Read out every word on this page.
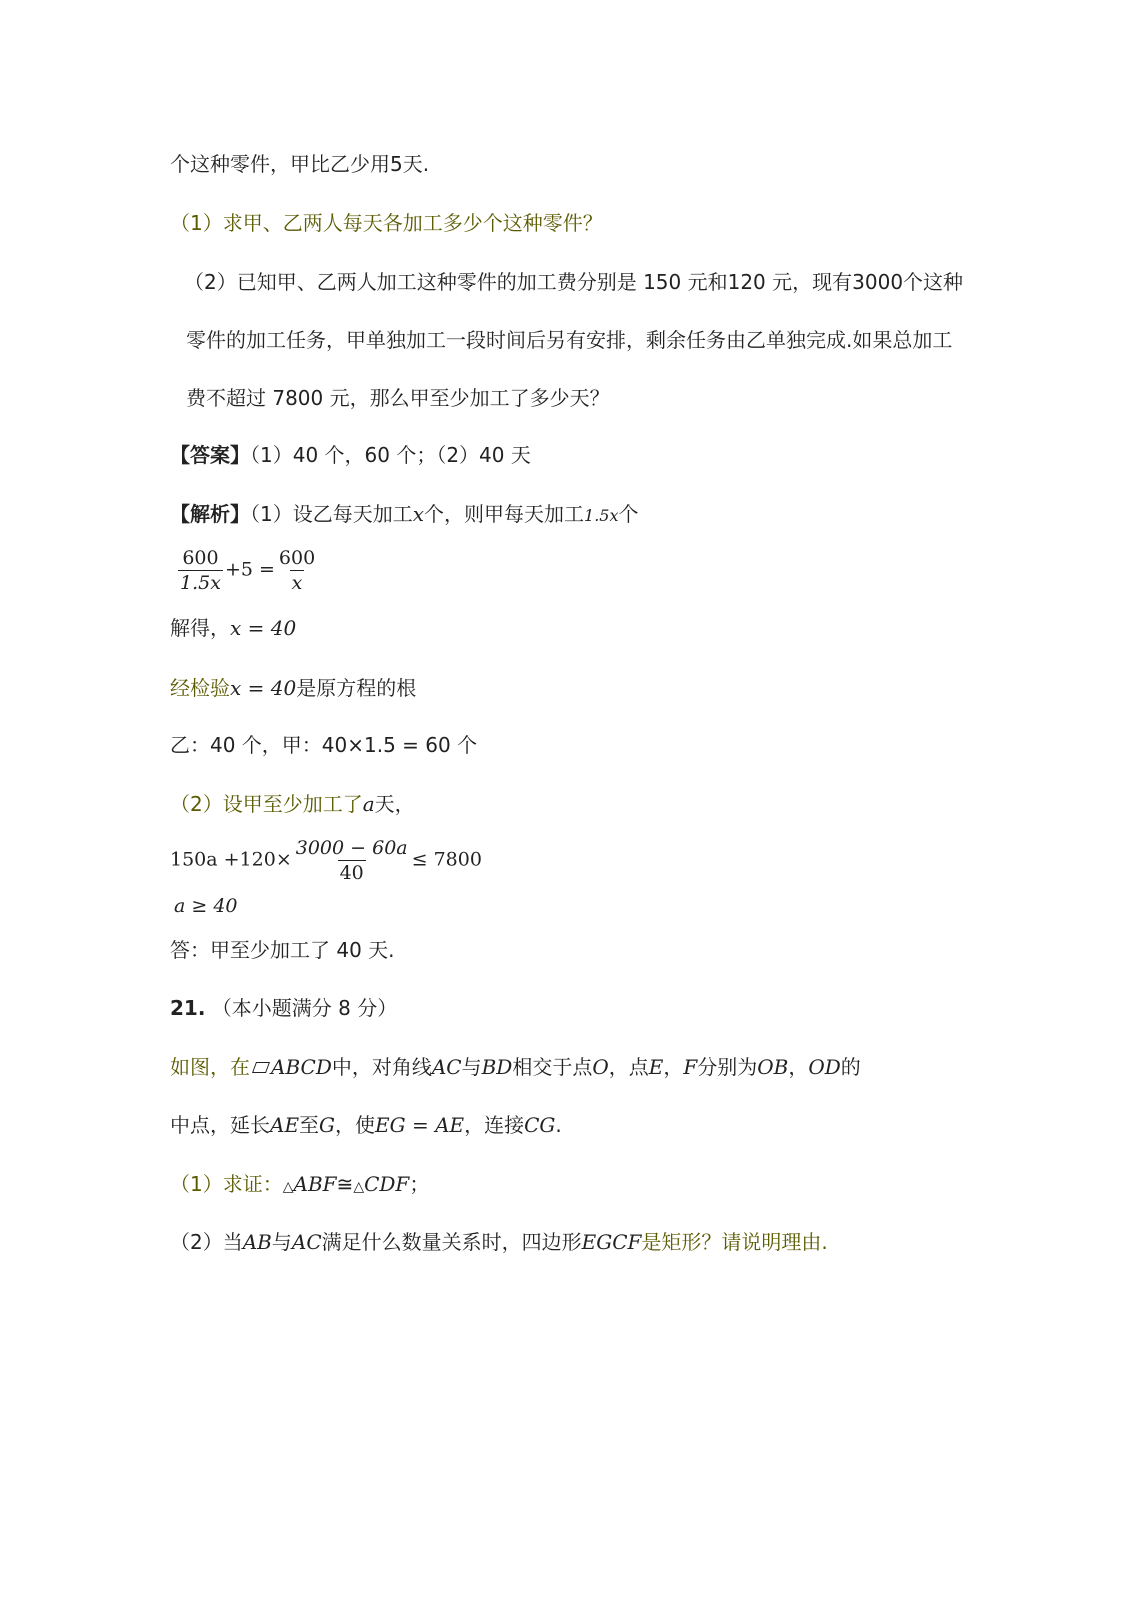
个这种零件，甲比乙少用5天.
（1）求甲、乙两人每天各加工多少个这种零件？
（2）已知甲、乙两人加工这种零件的加工费分别是 150 元和120 元，现有3000个这种
零件的加工任务，甲单独加工一段时间后另有安排，剩余任务由乙单独完成.如果总加工
费不超过 7800 元，那么甲至少加工了多少天？
【答案】（1）40 个，60 个；（2）40 天
【解析】（1）设乙每天加工x个，则甲每天加工1.5x个
$\frac{600}{1.5x} +5 = \frac{600}{x}$
解得，x = 40
经检验x = 40是原方程的根
乙：40 个，甲：40×1.5 = 60 个
（2）设甲至少加工了a天，
$150a +120\times \frac{3000 - 60a}{40} \le 7800$
a ≥ 40
答：甲至少加工了 40 天.
21. （本小题满分 8 分）
如图，在 ABCD中，对角线AC与BD相交于点O，点E，F分别为OB，OD的
中点，延长AE至G，使EG = AE，连接CG.
（1）求证：△ABF≅△CDF；
（2）当AB与AC满足什么数量关系时，四边形EGCF是矩形？请说明理由.
